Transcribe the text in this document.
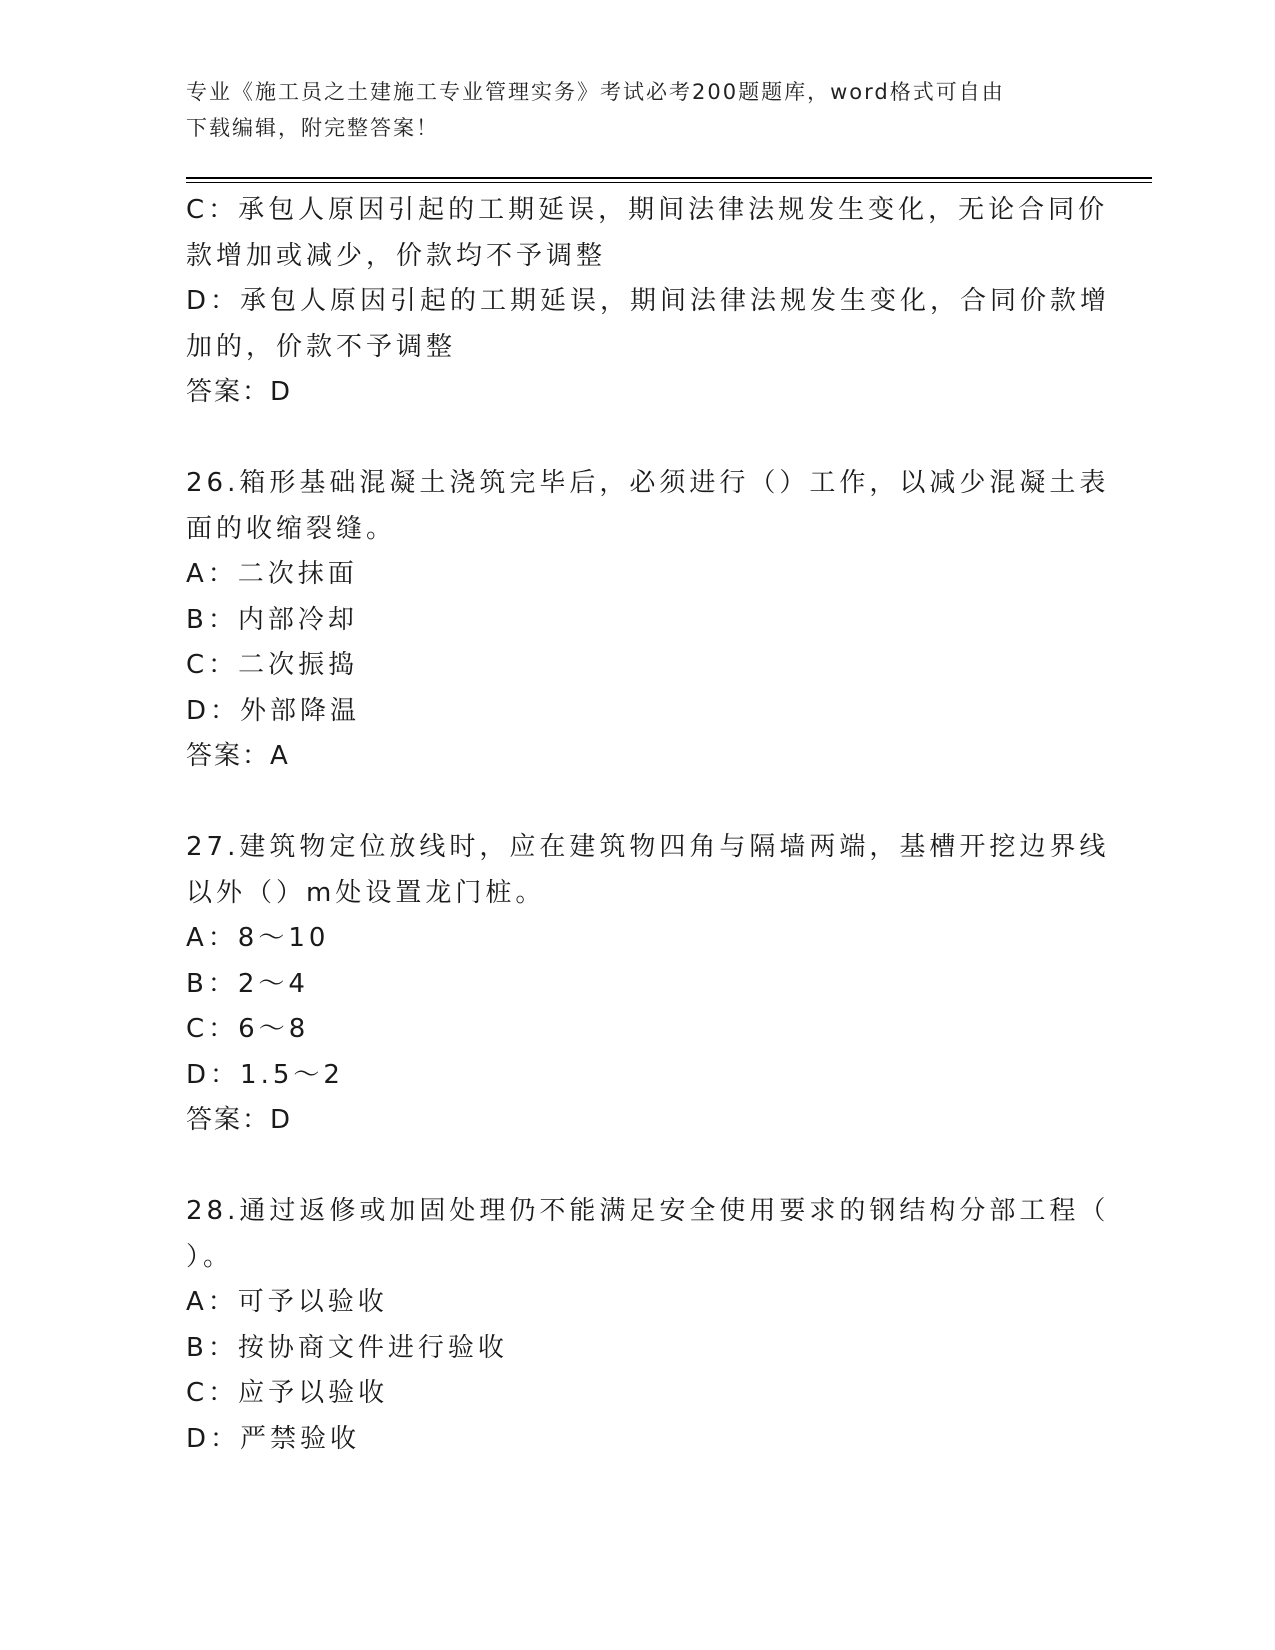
专业《施工员之土建施工专业管理实务》考试必考200题题库，word格式可自由
下载编辑，附完整答案！
C：承包人原因引起的工期延误，期间法律法规发生变化，无论合同价
款增加或减少，价款均不予调整
D：承包人原因引起的工期延误，期间法律法规发生变化，合同价款增
加的，价款不予调整
答案：D
26.箱形基础混凝土浇筑完毕后，必须进行（）工作，以减少混凝土表
面的收缩裂缝。
A：二次抹面
B：内部冷却
C：二次振捣
D：外部降温
答案：A
27.建筑物定位放线时，应在建筑物四角与隔墙两端，基槽开挖边界线
以外（）m处设置龙门桩。
A：8～10
B：2～4
C：6～8
D：1.5～2
答案：D
28.通过返修或加固处理仍不能满足安全使用要求的钢结构分部工程（
）。
A：可予以验收
B：按协商文件进行验收
C：应予以验收
D：严禁验收
